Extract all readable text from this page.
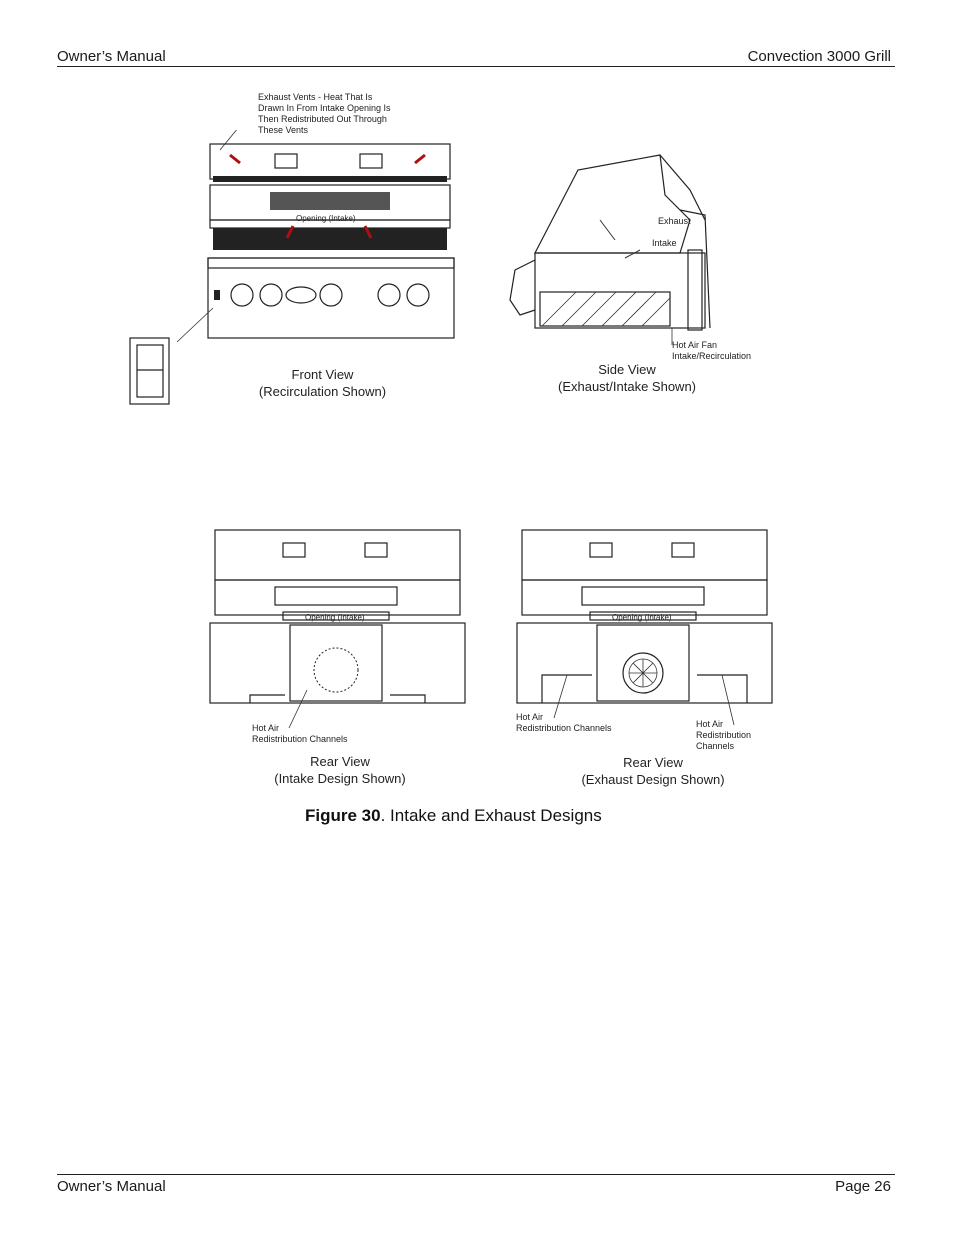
Owner’s Manual	Convection 3000 Grill
Exhaust Vents - Heat That Is Drawn In From Intake Opening Is Then Redistributed Out Through These Vents
Opening (Intake)
Front View
(Recirculation Shown)
Exhaust
Intake
Hot Air Fan
Intake/Recirculation
Side View
(Exhaust/Intake Shown)
Opening (Intake)
Hot Air
Redistribution Channels
Rear View
(Intake Design Shown)
Opening (Intake)
Hot Air
Redistribution Channels	Hot Air
Redistribution
Channels
Rear View
(Exhaust Design Shown)
Figure 30. Intake and Exhaust Designs
Owner’s Manual	Page 26
